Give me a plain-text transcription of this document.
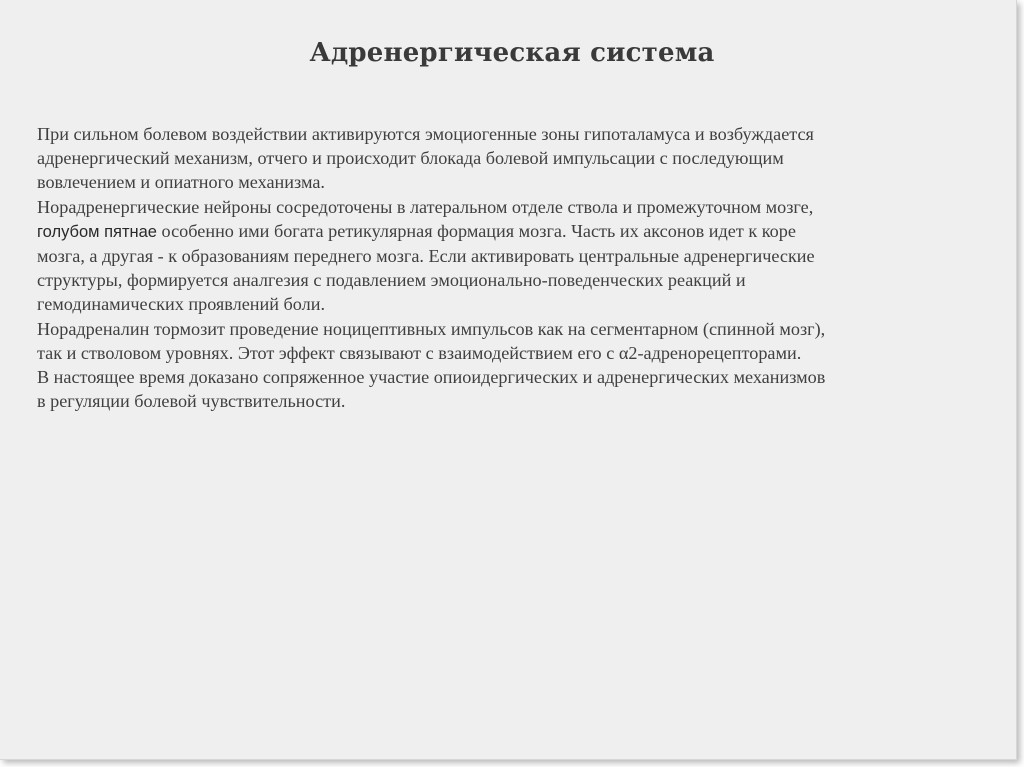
Адренергическая система

При сильном болевом воздействии активируются эмоциогенные зоны гипоталамуса и возбуждается
адренергический механизм, отчего и происходит блокада болевой импульсации с последующим
вовлечением и опиатного механизма.

Норадренергические нейроны сосредоточены в латеральном отделе ствола и промежуточном мозге,
голубом пятнае особенно ими богата ретикулярная формация мозга. Часть их аксонов идет к коре
мозга, а другая - к образованиям переднего мозга. Если активировать центральные адренергические
структуры, формируется аналгезия с подавлением эмоционально-поведенческих реакций и
гемодинамических проявлений боли.

Норадреналин тормозит проведение ноцицептивных импульсов как на сегментарном (спинной мозг),
так и стволовом уровнях. Этот эффект связывают с взаимодействием его с α2-адренорецепторами.

В настоящее время доказано сопряженное участие опиоидергических и адренергических механизмов
в регуляции болевой чувствительности.
